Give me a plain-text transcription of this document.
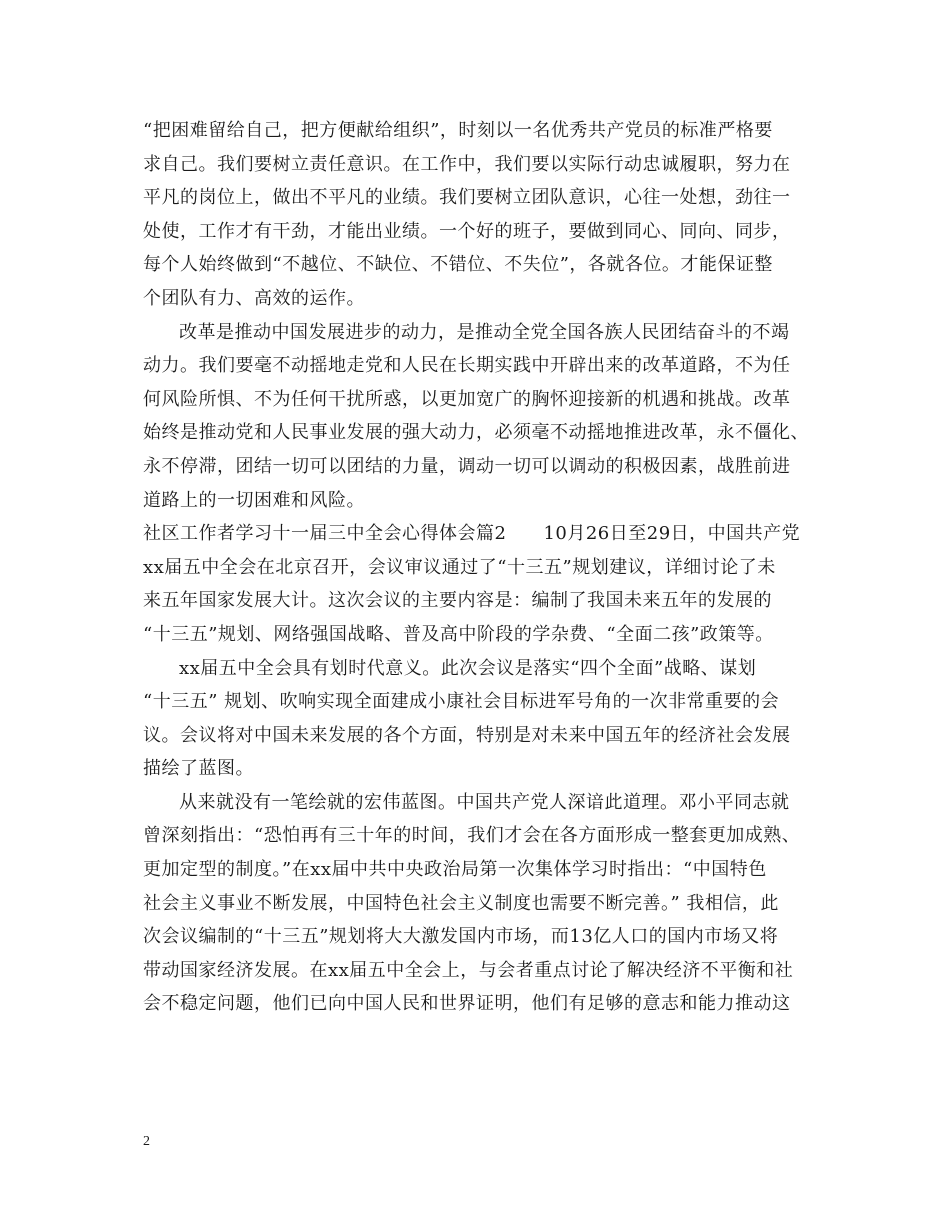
“把困难留给自己，把方便献给组织”，时刻以一名优秀共产党员的标准严格要
求自己。我们要树立责任意识。在工作中，我们要以实际行动忠诚履职，努力在
平凡的岗位上，做出不平凡的业绩。我们要树立团队意识，心往一处想，劲往一
处使，工作才有干劲，才能出业绩。一个好的班子，要做到同心、同向、同步，
每个人始终做到“不越位、不缺位、不错位、不失位”，各就各位。才能保证整
个团队有力、高效的运作。
改革是推动中国发展进步的动力，是推动全党全国各族人民团结奋斗的不竭
动力。我们要毫不动摇地走党和人民在长期实践中开辟出来的改革道路，不为任
何风险所惧、不为任何干扰所惑，以更加宽广的胸怀迎接新的机遇和挑战。改革
始终是推动党和人民事业发展的强大动力，必须毫不动摇地推进改革，永不僵化、
永不停滞，团结一切可以团结的力量，调动一切可以调动的积极因素，战胜前进
道路上的一切困难和风险。
社区工作者学习十一届三中全会心得体会篇2　　10月26日至29日，中国共产党
xx届五中全会在北京召开，会议审议通过了“十三五”规划建议，详细讨论了未
来五年国家发展大计。这次会议的主要内容是：编制了我国未来五年的发展的
“十三五”规划、网络强国战略、普及高中阶段的学杂费、“全面二孩”政策等。
xx届五中全会具有划时代意义。此次会议是落实“四个全面”战略、谋划
“十三五” 规划、吹响实现全面建成小康社会目标进军号角的一次非常重要的会
议。会议将对中国未来发展的各个方面，特别是对未来中国五年的经济社会发展
描绘了蓝图。
从来就没有一笔绘就的宏伟蓝图。中国共产党人深谙此道理。邓小平同志就
曾深刻指出：“恐怕再有三十年的时间，我们才会在各方面形成一整套更加成熟、
更加定型的制度。”在xx届中共中央政治局第一次集体学习时指出：“中国特色
社会主义事业不断发展，中国特色社会主义制度也需要不断完善。” 我相信，此
次会议编制的“十三五”规划将大大激发国内市场，而13亿人口的国内市场又将
带动国家经济发展。在xx届五中全会上，与会者重点讨论了解决经济不平衡和社
会不稳定问题，他们已向中国人民和世界证明，他们有足够的意志和能力推动这
2
